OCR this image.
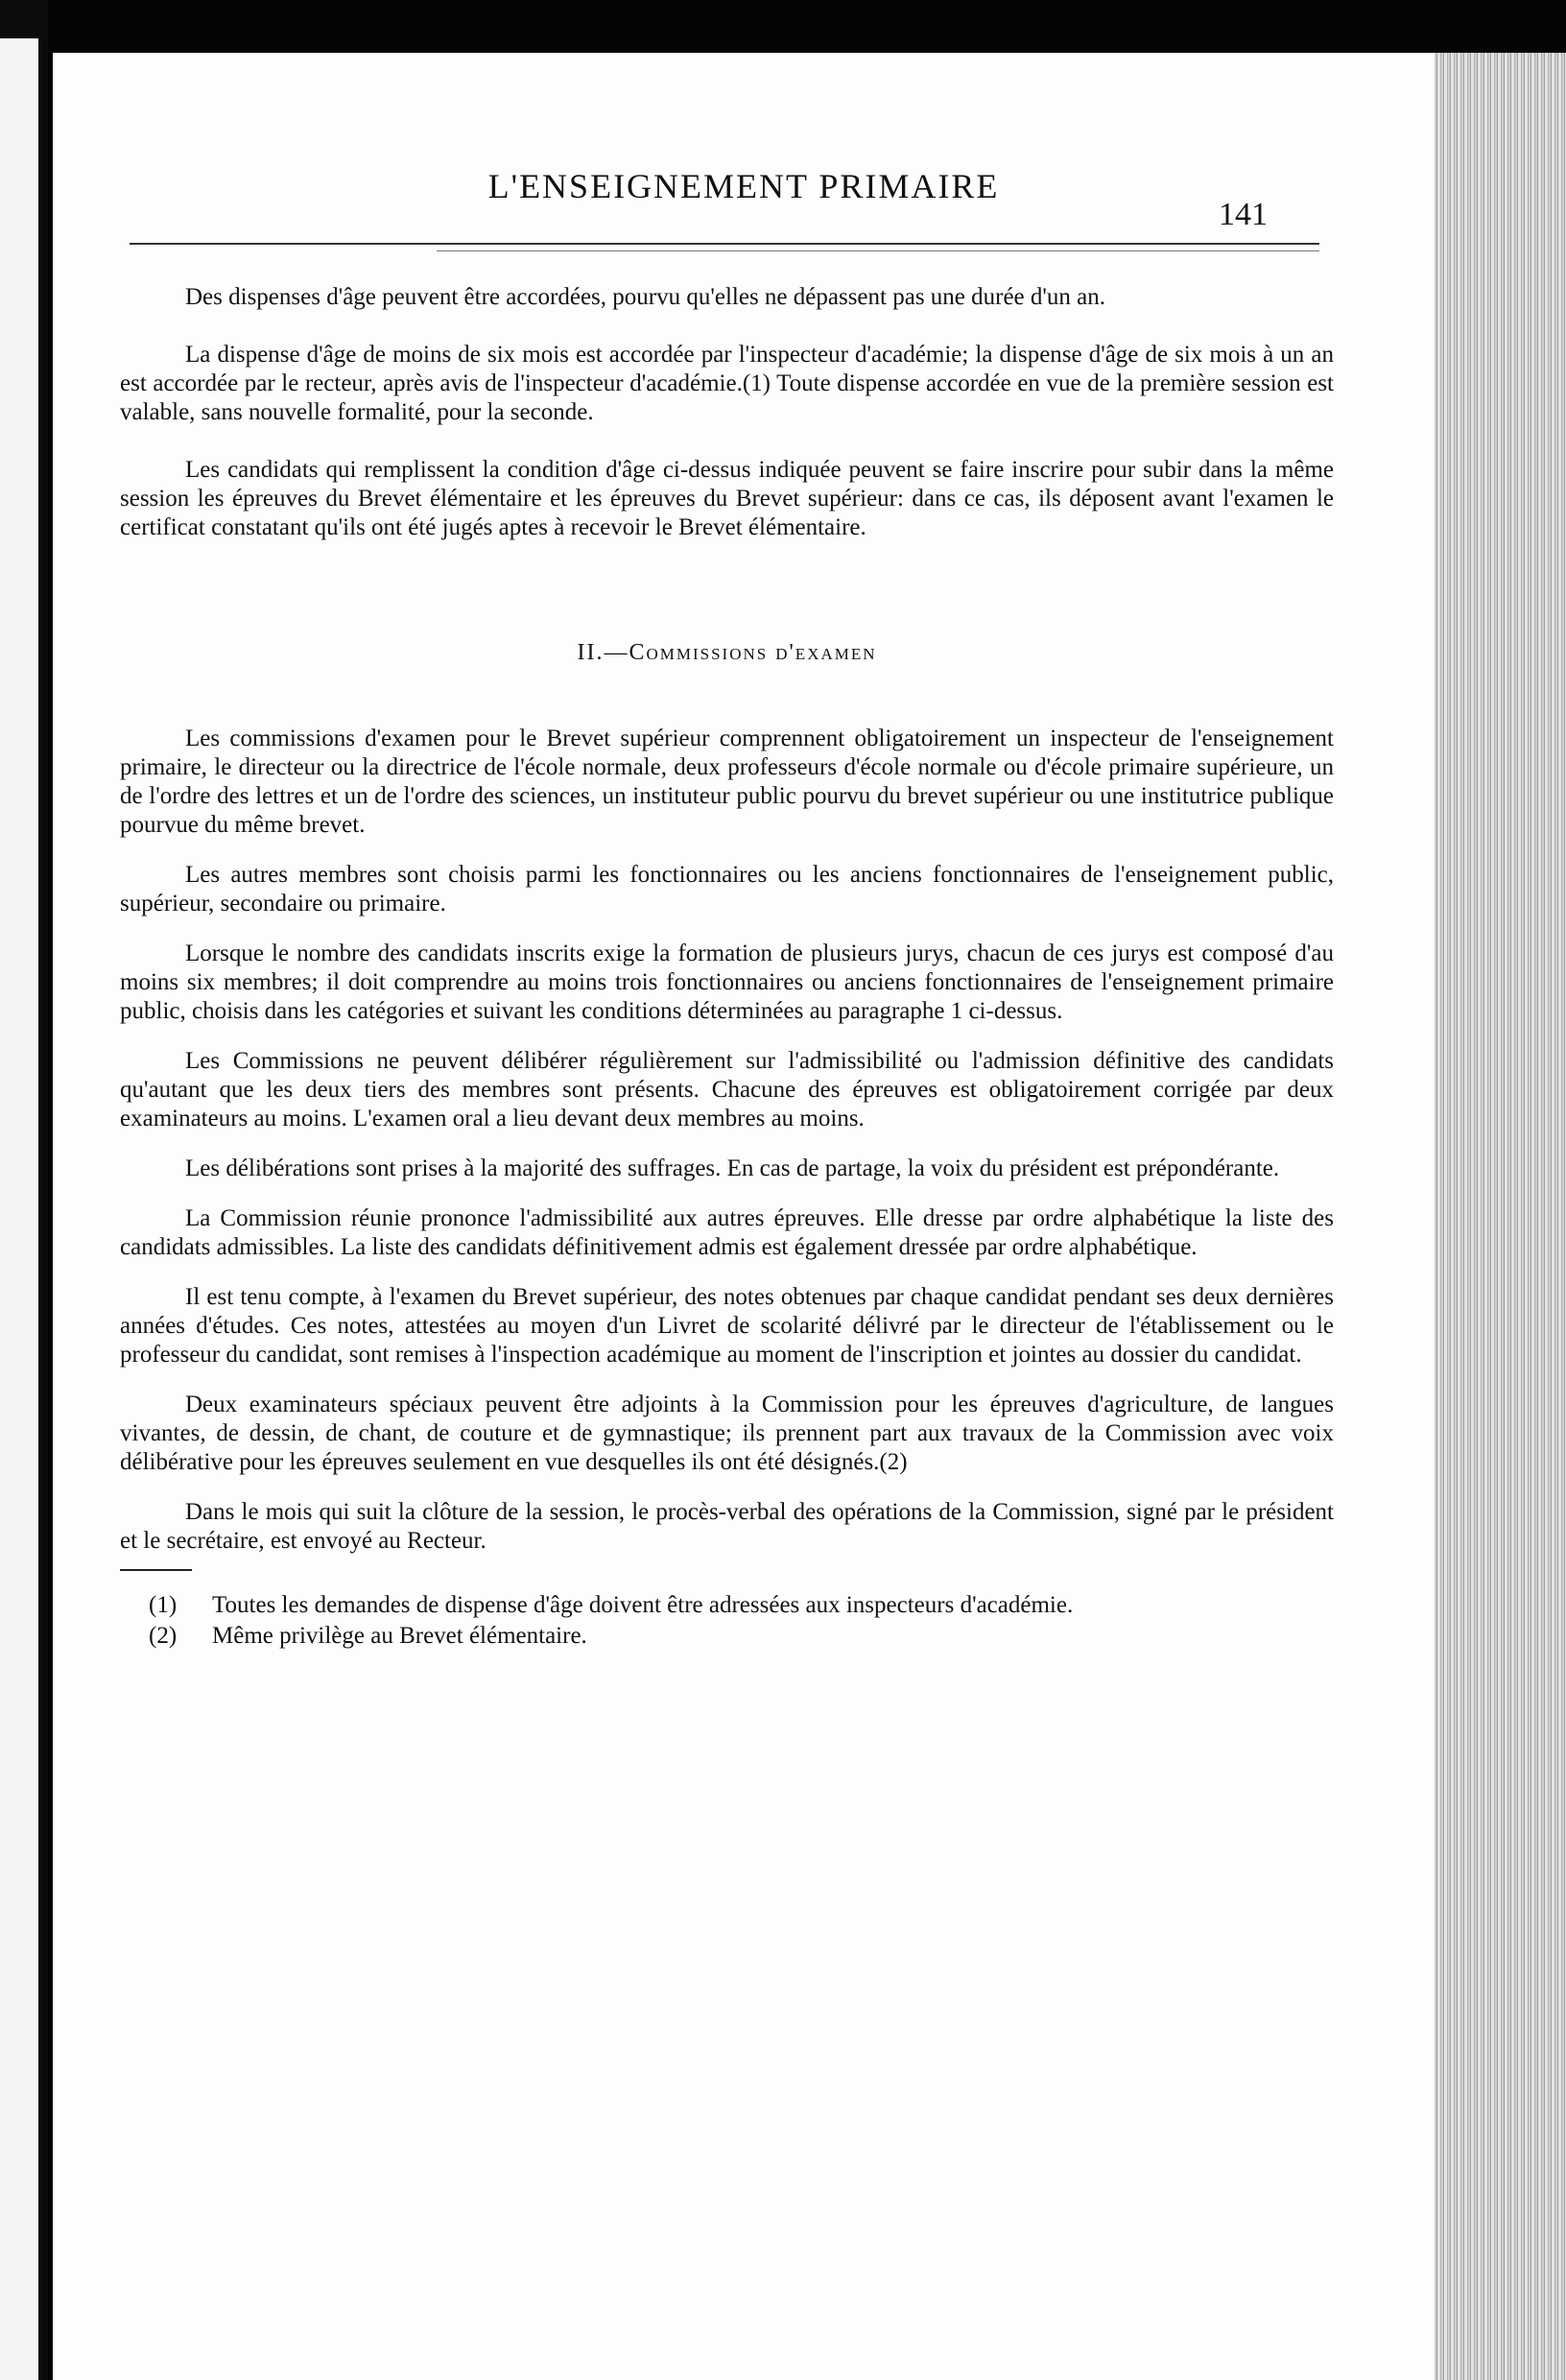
L'ENSEIGNEMENT PRIMAIRE
141

Des dispenses d'âge peuvent être accordées, pourvu qu'elles ne dépassent pas une durée d'un an.

La dispense d'âge de moins de six mois est accordée par l'inspecteur d'académie; la dispense d'âge de six mois à un an est accordée par le recteur, après avis de l'inspecteur d'académie.(1) Toute dispense accordée en vue de la première session est valable, sans nouvelle formalité, pour la seconde.

Les candidats qui remplissent la condition d'âge ci-dessus indiquée peuvent se faire inscrire pour subir dans la même session les épreuves du Brevet élémentaire et les épreuves du Brevet supérieur: dans ce cas, ils déposent avant l'examen le certificat constatant qu'ils ont été jugés aptes à recevoir le Brevet élémentaire.

II.—Commissions d'examen

Les commissions d'examen pour le Brevet supérieur comprennent obligatoirement un inspecteur de l'enseignement primaire, le directeur ou la directrice de l'école normale, deux professeurs d'école normale ou d'école primaire supérieure, un de l'ordre des lettres et un de l'ordre des sciences, un instituteur public pourvu du brevet supérieur ou une institutrice publique pourvue du même brevet.

Les autres membres sont choisis parmi les fonctionnaires ou les anciens fonctionnaires de l'enseignement public, supérieur, secondaire ou primaire.

Lorsque le nombre des candidats inscrits exige la formation de plusieurs jurys, chacun de ces jurys est composé d'au moins six membres; il doit comprendre au moins trois fonctionnaires ou anciens fonctionnaires de l'enseignement primaire public, choisis dans les catégories et suivant les conditions déterminées au paragraphe 1 ci-dessus.

Les Commissions ne peuvent délibérer régulièrement sur l'admissibilité ou l'admission définitive des candidats qu'autant que les deux tiers des membres sont présents. Chacune des épreuves est obligatoirement corrigée par deux examinateurs au moins. L'examen oral a lieu devant deux membres au moins.

Les délibérations sont prises à la majorité des suffrages. En cas de partage, la voix du président est prépondérante.

La Commission réunie prononce l'admissibilité aux autres épreuves. Elle dresse par ordre alphabétique la liste des candidats admissibles. La liste des candidats définitivement admis est également dressée par ordre alphabétique.

Il est tenu compte, à l'examen du Brevet supérieur, des notes obtenues par chaque candidat pendant ses deux dernières années d'études. Ces notes, attestées au moyen d'un Livret de scolarité délivré par le directeur de l'établissement ou le professeur du candidat, sont remises à l'inspection académique au moment de l'inscription et jointes au dossier du candidat.

Deux examinateurs spéciaux peuvent être adjoints à la Commission pour les épreuves d'agriculture, de langues vivantes, de dessin, de chant, de couture et de gymnastique; ils prennent part aux travaux de la Commission avec voix délibérative pour les épreuves seulement en vue desquelles ils ont été désignés.(2)

Dans le mois qui suit la clôture de la session, le procès-verbal des opérations de la Commission, signé par le président et le secrétaire, est envoyé au Recteur.

(1)	Toutes les demandes de dispense d'âge doivent être adressées aux inspecteurs d'académie.
(2)	Même privilège au Brevet élémentaire.
